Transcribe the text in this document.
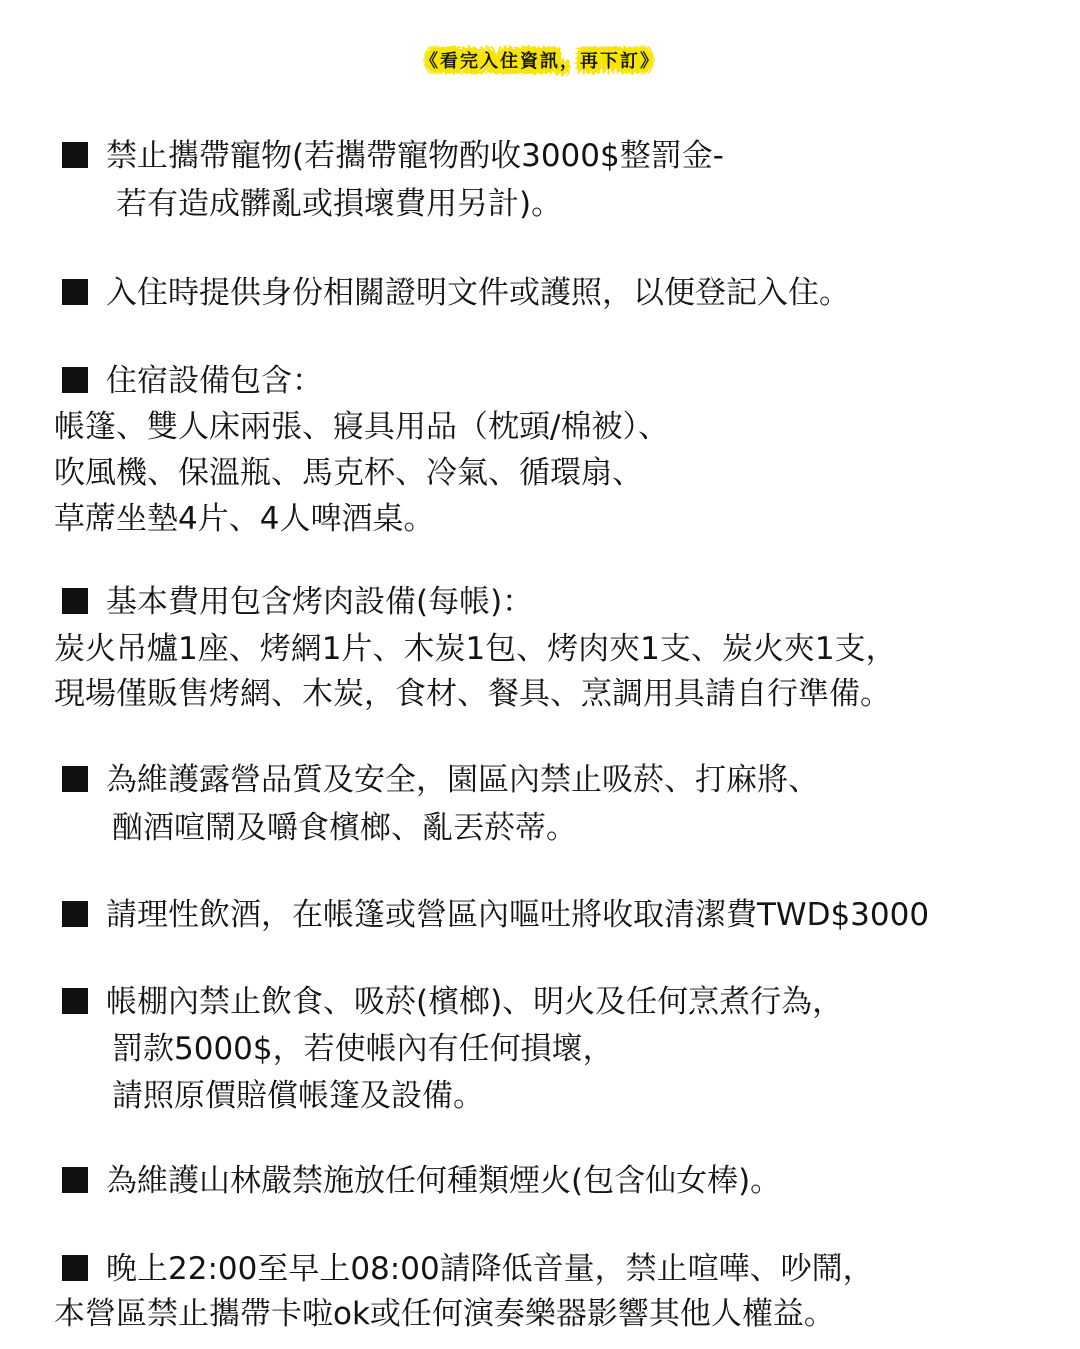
《看完入住資訊，再下訂》
禁止攜帶寵物(若攜帶寵物酌收3000$整罰金-
若有造成髒亂或損壞費用另計)。
入住時提供身份相關證明文件或護照，以便登記入住。
住宿設備包含：
帳篷、雙人床兩張、寢具用品（枕頭/棉被）、
吹風機、保溫瓶、馬克杯、冷氣、循環扇、
草蓆坐墊4片、4人啤酒桌。
基本費用包含烤肉設備(每帳)：
炭火吊爐1座、烤網1片、木炭1包、烤肉夾1支、炭火夾1支，
現場僅販售烤網、木炭，食材、餐具、烹調用具請自行準備。
為維護露營品質及安全，園區內禁止吸菸、打麻將、
酗酒喧鬧及嚼食檳榔、亂丟菸蒂。
請理性飲酒，在帳篷或營區內嘔吐將收取清潔費TWD$3000
帳棚內禁止飲食、吸菸(檳榔)、明火及任何烹煮行為，
罰款5000$，若使帳內有任何損壞，
請照原價賠償帳篷及設備。
為維護山林嚴禁施放任何種類煙火(包含仙女棒)。
晚上22:00至早上08:00請降低音量，禁止喧嘩、吵鬧，
本營區禁止攜帶卡啦ok或任何演奏樂器影響其他人權益。
